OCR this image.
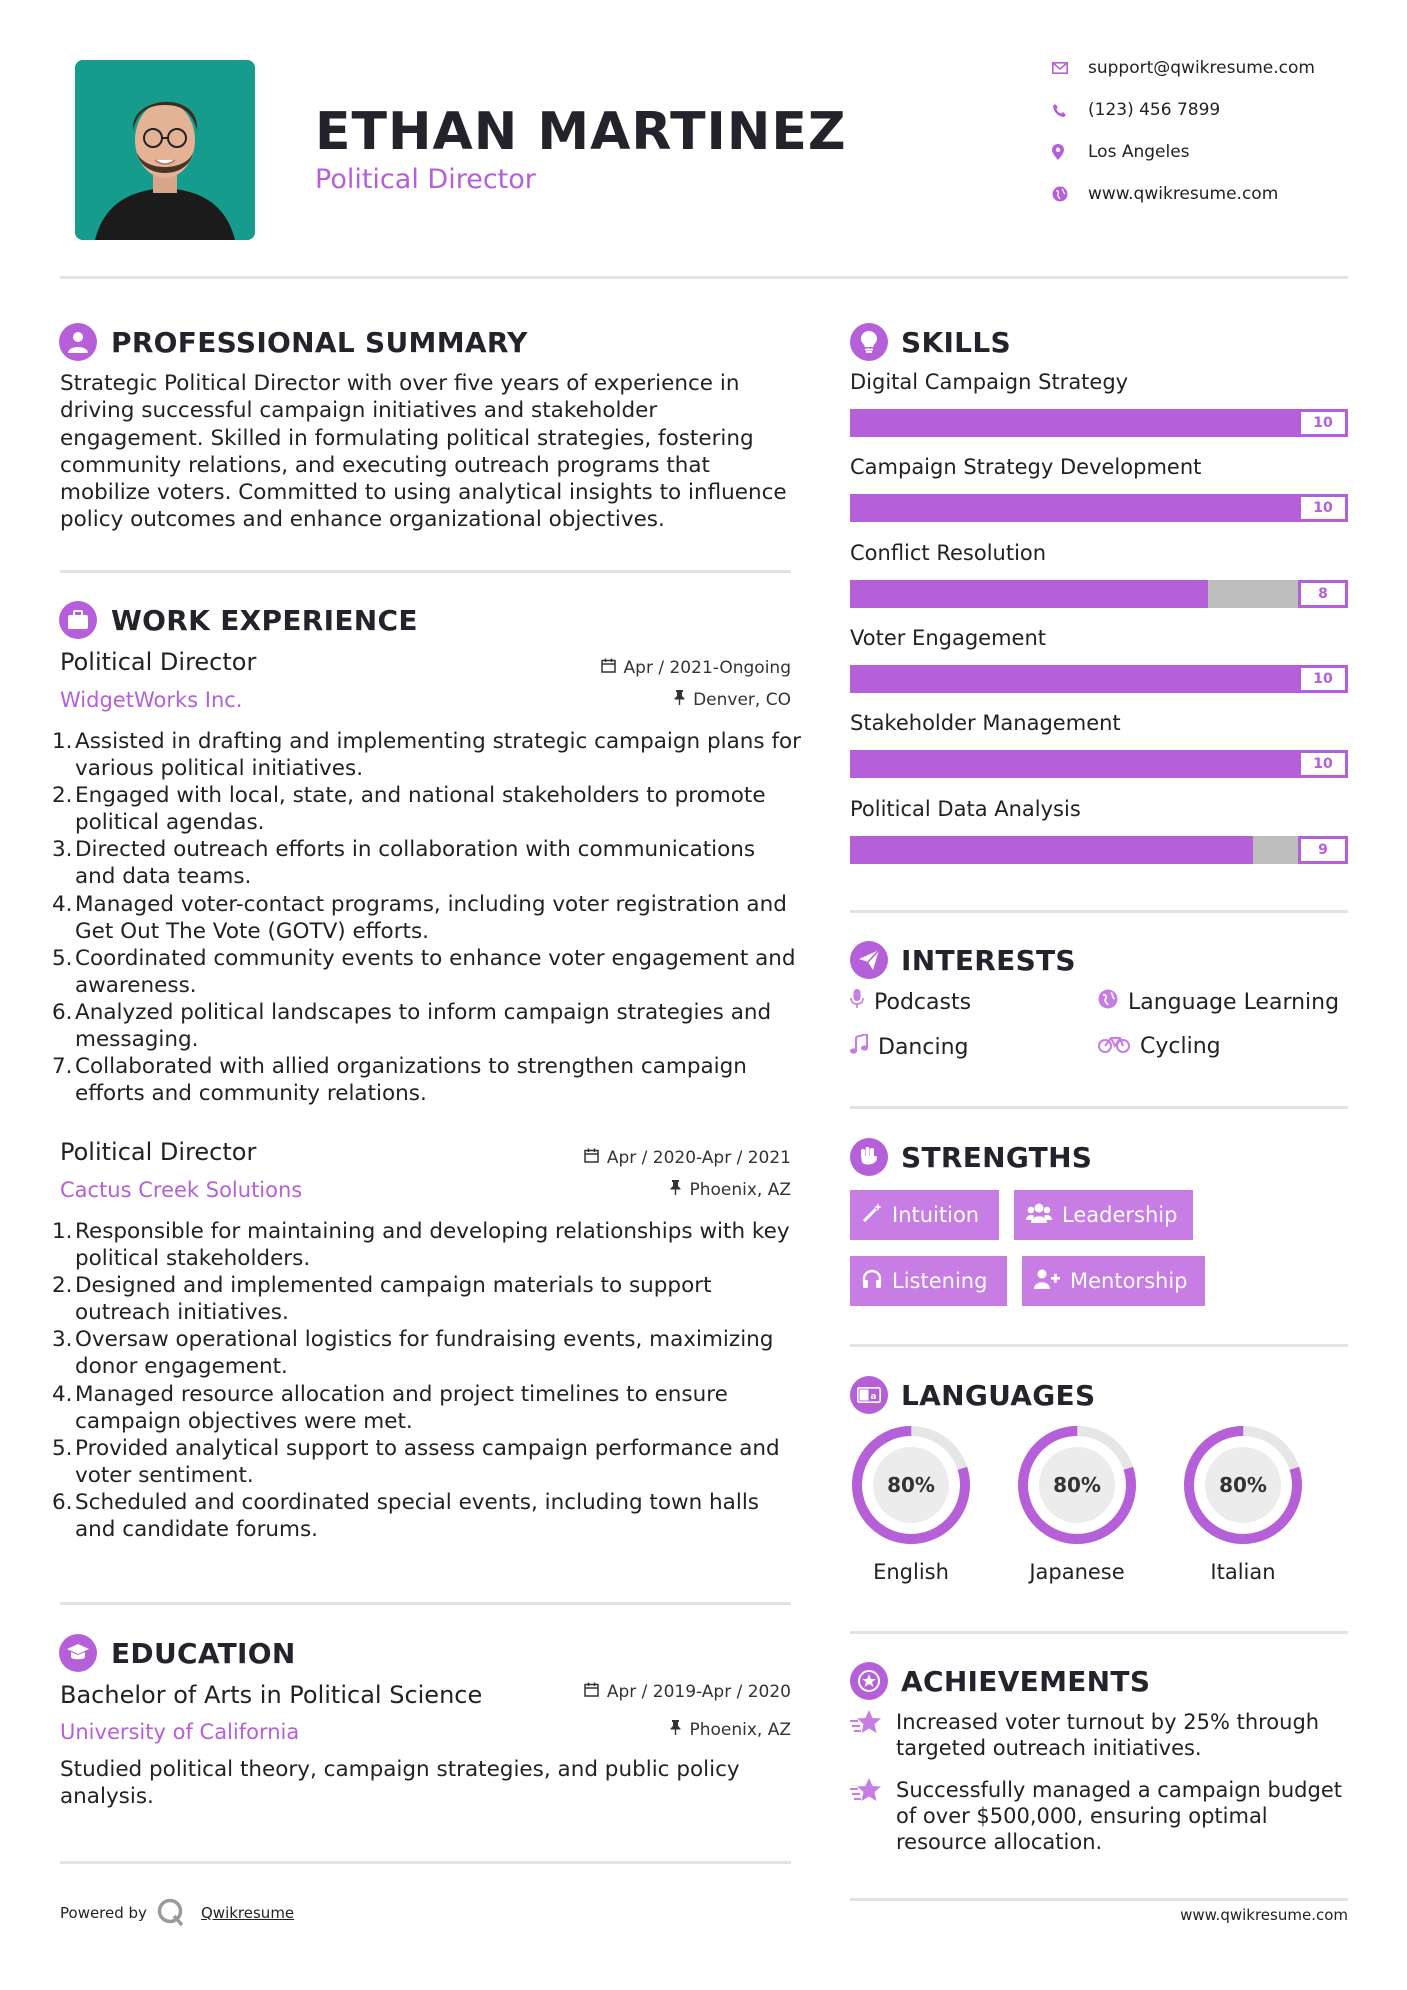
ETHAN MARTINEZ
Political Director
support@qwikresume.com
(123) 456 7899
Los Angeles
www.qwikresume.com
PROFESSIONAL SUMMARY
Strategic Political Director with over five years of experience in driving successful campaign initiatives and stakeholder engagement. Skilled in formulating political strategies, fostering community relations, and executing outreach programs that mobilize voters. Committed to using analytical insights to influence policy outcomes and enhance organizational objectives.
WORK EXPERIENCE
Political Director	Apr / 2021-Ongoing
WidgetWorks Inc.	Denver, CO
1. Assisted in drafting and implementing strategic campaign plans for various political initiatives.
2. Engaged with local, state, and national stakeholders to promote political agendas.
3. Directed outreach efforts in collaboration with communications and data teams.
4. Managed voter-contact programs, including voter registration and Get Out The Vote (GOTV) efforts.
5. Coordinated community events to enhance voter engagement and awareness.
6. Analyzed political landscapes to inform campaign strategies and messaging.
7. Collaborated with allied organizations to strengthen campaign efforts and community relations.
Political Director	Apr / 2020-Apr / 2021
Cactus Creek Solutions	Phoenix, AZ
1. Responsible for maintaining and developing relationships with key political stakeholders.
2. Designed and implemented campaign materials to support outreach initiatives.
3. Oversaw operational logistics for fundraising events, maximizing donor engagement.
4. Managed resource allocation and project timelines to ensure campaign objectives were met.
5. Provided analytical support to assess campaign performance and voter sentiment.
6. Scheduled and coordinated special events, including town halls and candidate forums.
EDUCATION
Bachelor of Arts in Political Science	Apr / 2019-Apr / 2020
University of California	Phoenix, AZ
Studied political theory, campaign strategies, and public policy analysis.
SKILLS
Digital Campaign Strategy
10
Campaign Strategy Development
10
Conflict Resolution
8
Voter Engagement
10
Stakeholder Management
10
Political Data Analysis
9
INTERESTS
Podcasts	Language Learning
Dancing	Cycling
STRENGTHS
Intuition	Leadership
Listening	Mentorship
a LANGUAGES
80%
English
80%
Japanese
80%
Italian
ACHIEVEMENTS
Increased voter turnout by 25% through targeted outreach initiatives.
Successfully managed a campaign budget of over $500,000, ensuring optimal resource allocation.
Powered by	Qwikresume	www.qwikresume.com
